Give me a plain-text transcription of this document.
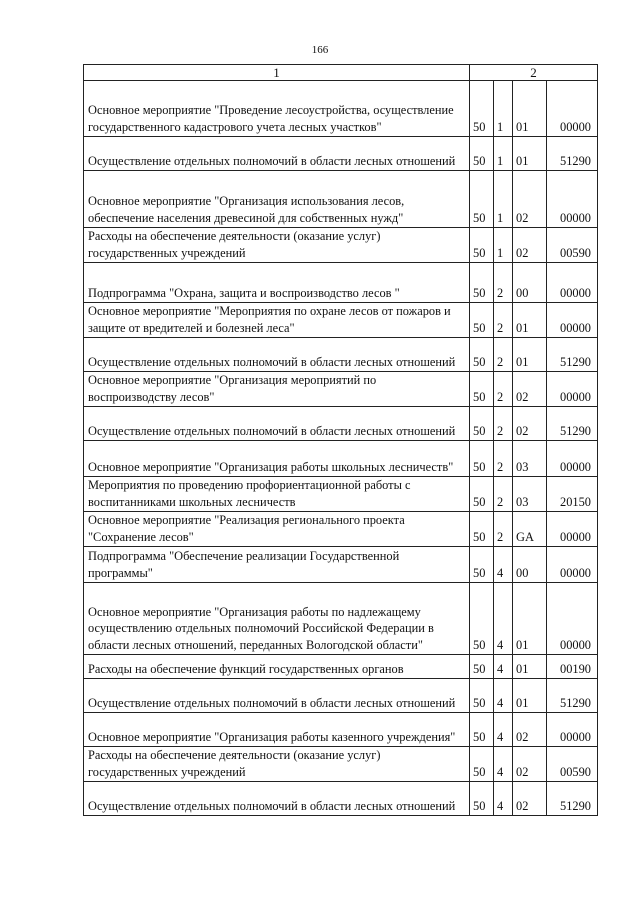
166
1	2			
Основное мероприятие "Проведение лесоустройства, осуществление государственного кадастрового учета лесных участков"	50	1	01	00000
Осуществление отдельных полномочий в области лесных отношений	50	1	01	51290
Основное мероприятие "Организация использования лесов, обеспечение населения древесиной для собственных нужд"	50	1	02	00000
Расходы на обеспечение деятельности (оказание услуг) государственных учреждений	50	1	02	00590
Подпрограмма "Охрана, защита и воспроизводство лесов "	50	2	00	00000
Основное мероприятие "Мероприятия по охране лесов от пожаров и защите от вредителей и болезней леса"	50	2	01	00000
Осуществление отдельных полномочий в области лесных отношений	50	2	01	51290
Основное мероприятие "Организация мероприятий по воспроизводству лесов"	50	2	02	00000
Осуществление отдельных полномочий в области лесных отношений	50	2	02	51290
Основное мероприятие "Организация работы школьных лесничеств"	50	2	03	00000
Мероприятия по проведению профориентационной работы с воспитанниками школьных лесничеств	50	2	03	20150
Основное мероприятие "Реализация регионального проекта "Сохранение лесов"	50	2	GA	00000
Подпрограмма "Обеспечение реализации Государственной программы"	50	4	00	00000
Основное мероприятие "Организация работы по надлежащему осуществлению отдельных полномочий Российской Федерации в области лесных отношений, переданных Вологодской области"	50	4	01	00000
Расходы на обеспечение функций государственных органов	50	4	01	00190
Осуществление отдельных полномочий в области лесных отношений	50	4	01	51290
Основное мероприятие "Организация работы казенного учреждения"	50	4	02	00000
Расходы на обеспечение деятельности (оказание услуг) государственных учреждений	50	4	02	00590
Осуществление отдельных полномочий в области лесных отношений	50	4	02	51290
